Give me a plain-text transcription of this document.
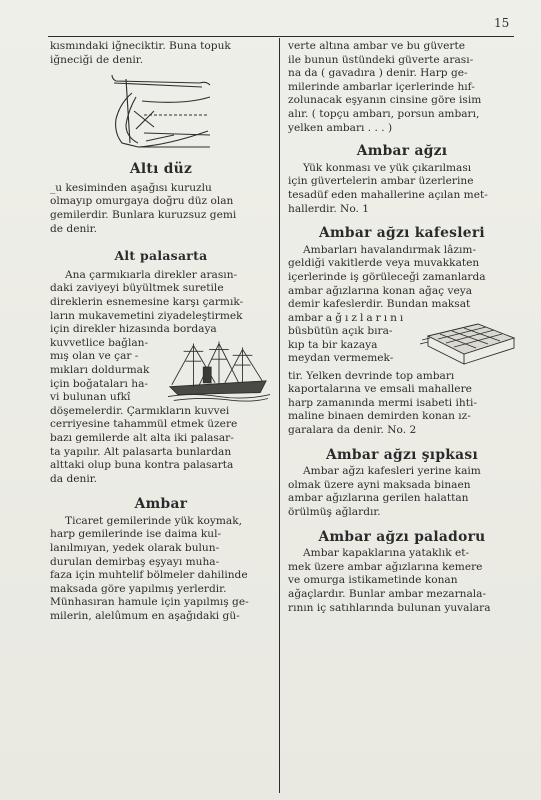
15

kısmındaki iğneciktir. Buna topuk

iğneciği de denir.

Altı düz

_u kesiminden aşağısı kuruzlu

olmayıp omurgaya doğru düz olan

gemilerdir. Bunlara kuruzsuz gemi

de denir.

Alt palasarta

Ana çarmıkıarla direkler arasın-

daki zaviyeyi büyültmek suretile

direklerin esnemesine karşı çarmık-

ların mukavemetini ziyadeleştirmek

için direkler hizasında bordaya

kuvvetlice bağlan-

mış olan ve çar -

mıkları doldurmak

için boğataları ha-

vi bulunan ufkî

döşemelerdir. Çarmıkların kuvvei

cerriyesine tahammül etmek üzere

bazı gemilerde alt alta iki palasar-

ta yapılır. Alt palasarta bunlardan

alttaki olup buna kontra palasarta

da denir.

Ambar

Ticaret gemilerinde yük koymak,

harp gemilerinde ise daima kul-

lanılmıyan, yedek olarak bulun-

durulan demirbaş eşyayı muha-

faza için muhtelif bölmeler dahilinde

maksada göre yapılmış yerlerdir.

Münhasıran hamule için yapılmış ge-

milerin, alelûmum en aşağıdaki gü-

verte altına ambar ve bu güverte

ile bunun üstündeki güverte arası-

na da ( gavadıra ) denir. Harp ge-

milerinde ambarlar içerlerinde hıf-

zolunacak eşyanın cinsine göre isim

alır. ( topçu ambarı, porsun ambarı,

yelken ambarı . . . )

Ambar ağzı

Yük konması ve yük çıkarılması

için güvertelerin ambar üzerlerine

tesadüf eden mahallerine açılan met-

hallerdir. No. 1

Ambar ağzı kafesleri

Ambarları havalandırmak lâzım-

geldiği vakitlerde veya muvakkaten

içerlerinde iş görüleceği zamanlarda

ambar ağızlarına konan ağaç veya

demir kafeslerdir. Bundan maksat

ambar ağızlarını

büsbütün açık bıra-

kıp ta bir kazaya

meydan vermemek-

tir. Yelken devrinde top ambarı

kaportalarına ve emsali mahallere

harp zamanında mermi isabeti ihti-

maline binaen demirden konan ız-

garalara da denir. No. 2

Ambar ağzı şıpkası

Ambar ağzı kafesleri yerine kaim

olmak üzere ayni maksada binaen

ambar ağızlarına gerilen halattan

örülmüş ağlardır.

Ambar ağzı paladoru

Ambar kapaklarına yataklık et-

mek üzere ambar ağızlarına kemere

ve omurga istikametinde konan

ağaçlardır. Bunlar ambar mezarnala-

rının iç satıhlarında bulunan yuvalara
